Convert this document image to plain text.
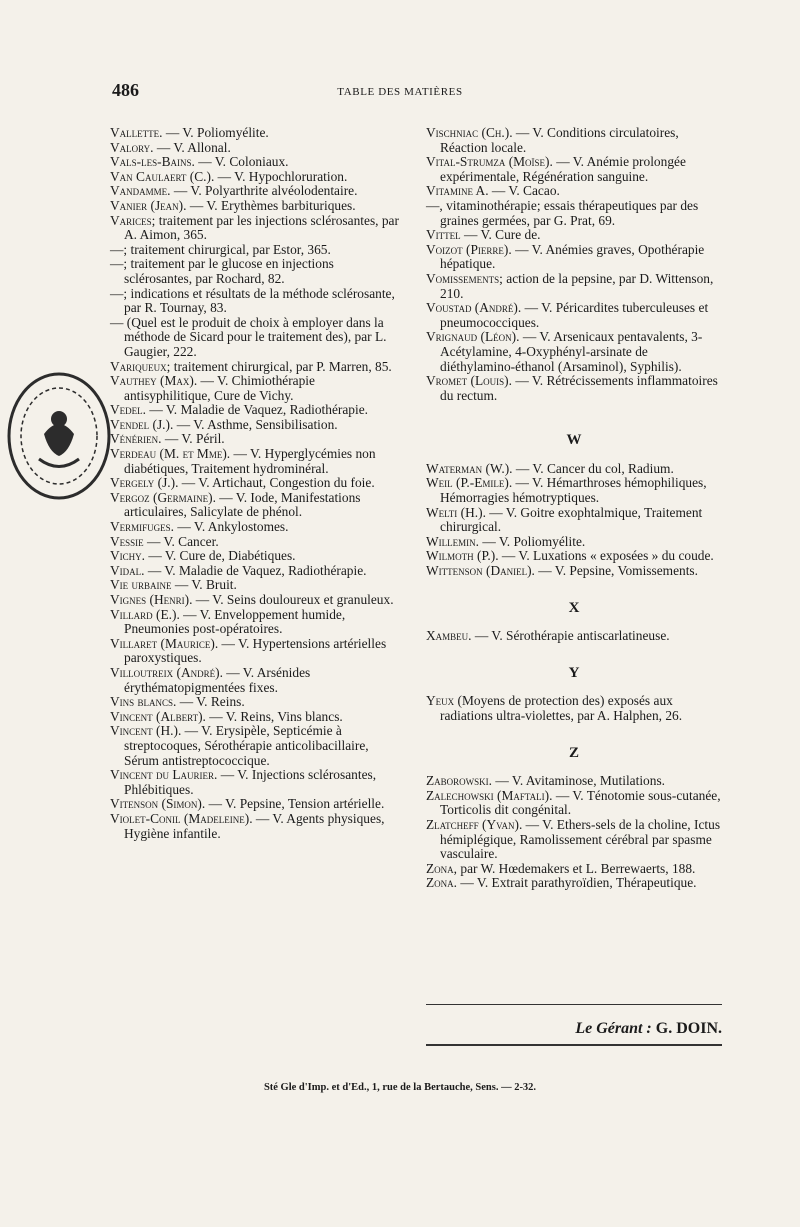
486	TABLE DES MATIÈRES

Vallette. — V. Poliomyélite.

Valory. — V. Allonal.

Vals-les-Bains. — V. Coloniaux.

Van Caulaert (C.). — V. Hypochloruration.

Vandamme. — V. Polyarthrite alvéolodentaire.

Vanier (Jean). — V. Erythèmes barbituriques.

Varices; traitement par les injections sclérosantes, par A. Aimon, 365.

—; traitement chirurgical, par Estor, 365.

—; traitement par le glucose en injections sclérosantes, par Rochard, 82.

—; indications et résultats de la méthode sclérosante, par R. Tournay, 83.

— (Quel est le produit de choix à employer dans la méthode de Sicard pour le traitement des), par L. Gaugier, 222.

Variqueux; traitement chirurgical, par P. Marren, 85.

Vauthey (Max). — V. Chimiothérapie antisyphilitique, Cure de Vichy.

Vedel. — V. Maladie de Vaquez, Radiothérapie.

Vendel (J.). — V. Asthme, Sensibilisation.

Vénérien. — V. Péril.

Verdeau (M. et Mme). — V. Hyperglycémies non diabétiques, Traitement hydrominéral.

Vergely (J.). — V. Artichaut, Congestion du foie.

Vergoz (Germaine). — V. Iode, Manifestations articulaires, Salicylate de phénol.

Vermifuges. — V. Ankylostomes.

Vessie — V. Cancer.

Vichy. — V. Cure de, Diabétiques.

Vidal. — V. Maladie de Vaquez, Radiothérapie.

Vie urbaine — V. Bruit.

Vignes (Henri). — V. Seins douloureux et granuleux.

Villard (E.). — V. Enveloppement humide, Pneumonies post-opératoires.

Villaret (Maurice). — V. Hypertensions artérielles paroxystiques.

Villoutreix (André). — V. Arsénides érythématopigmentées fixes.

Vins blancs. — V. Reins.

Vincent (Albert). — V. Reins, Vins blancs.

Vincent (H.). — V. Erysipèle, Septicémie à streptocoques, Sérothérapie anticolibacillaire, Sérum antistreptococcique.

Vincent du Laurier. — V. Injections sclérosantes, Phlébitiques.

Vitenson (Simon). — V. Pepsine, Tension artérielle.

Violet-Conil (Madeleine). — V. Agents physiques, Hygiène infantile.

Vischniac (Ch.). — V. Conditions circulatoires, Réaction locale.

Vital-Strumza (Moïse). — V. Anémie prolongée expérimentale, Régénération sanguine.

Vitamine A. — V. Cacao.

—, vitaminothérapie; essais thérapeutiques par des graines germées, par G. Prat, 69.

Vittel — V. Cure de.

Voizot (Pierre). — V. Anémies graves, Opothérapie hépatique.

Vomissements; action de la pepsine, par D. Wittenson, 210.

Voustad (André). — V. Péricardites tuberculeuses et pneumococciques.

Vrignaud (Léon). — V. Arsenicaux pentavalents, 3-Acétylamine, 4-Oxyphényl-arsinate de diéthylamino-éthanol (Arsaminol), Syphilis).

Vromet (Louis). — V. Rétrécissements inflammatoires du rectum.

W

Waterman (W.). — V. Cancer du col, Radium.

Weil (P.-Emile). — V. Hémarthroses hémophiliques, Hémorragies hémotryptiques.

Welti (H.). — V. Goitre exophtalmique, Traitement chirurgical.

Willemin. — V. Poliomyélite.

Wilmoth (P.). — V. Luxations « exposées » du coude.

Wittenson (Daniel). — V. Pepsine, Vomissements.

X

Xambeu. — V. Sérothérapie antiscarlatineuse.

Y

Yeux (Moyens de protection des) exposés aux radiations ultra-violettes, par A. Halphen, 26.

Z

Zaborowski. — V. Avitaminose, Mutilations.

Zalechowski (Maftali). — V. Ténotomie sous-cutanée, Torticolis dit congénital.

Zlatcheff (Yvan). — V. Ethers-sels de la choline, Ictus hémiplégique, Ramolissement cérébral par spasme vasculaire.

Zona, par W. Hœdemakers et L. Berrewaerts, 188.

Zona. — V. Extrait parathyroïdien, Thérapeutique.

Le Gérant : G. DOIN.
Sté Gle d'Imp. et d'Ed., 1, rue de la Bertauche, Sens. — 2-32.
